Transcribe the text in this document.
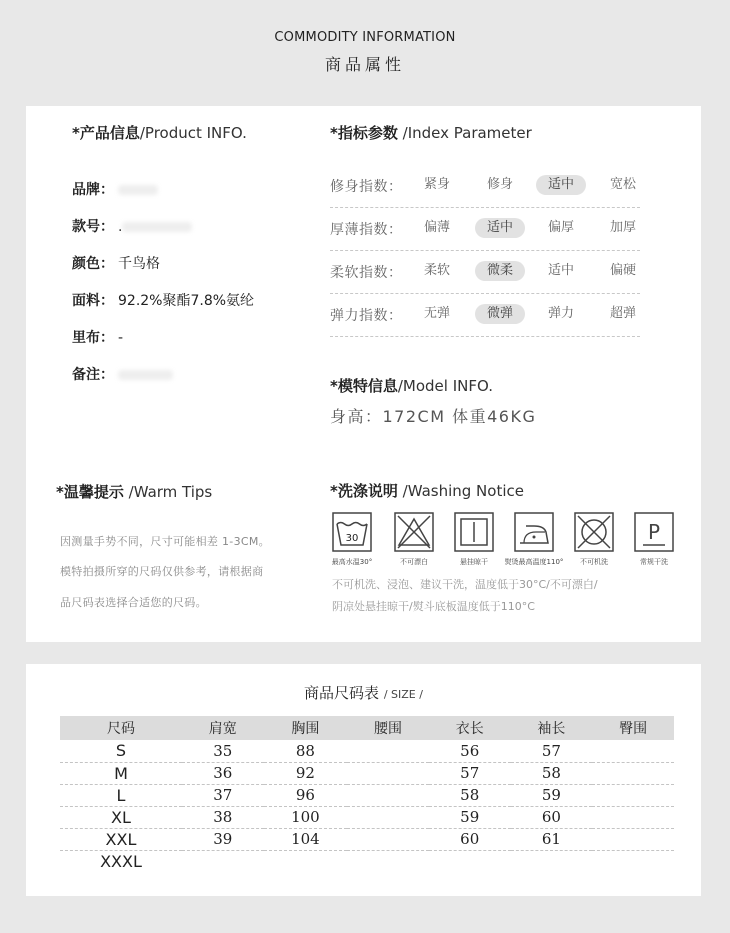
COMMODITY INFORMATION
商品属性
*产品信息/Product INFO.
品牌：
款号： .
颜色： 千鸟格
面料： 92.2%聚酯7.8%氨纶
里布： -
备注：
*指标参数 /Index Parameter
修身指数：	紧身	修身	适中	宽松
厚薄指数：	偏薄	适中	偏厚	加厚
柔软指数：	柔软	微柔	适中	偏硬
弹力指数：	无弹	微弹	弹力	超弹
*模特信息/Model INFO.
身高：172CM 体重46KG
*温馨提示 /Warm Tips
因测量手势不同，尺寸可能相差 1-3CM。
模特拍摄所穿的尺码仅供参考，请根据商
品尺码表选择合适您的尺码。
*洗涤说明 /Washing Notice
30
最高水温30°	不可漂白	悬挂晾干	熨烫最高温度110°	不可机洗
P
常规干洗
不可机洗、浸泡、建议干洗，温度低于30°C/不可漂白/
阴凉处悬挂晾干/熨斗底板温度低于110°C
商品尺码表 / SIZE /
尺码	肩宽	胸围	腰围	衣长	袖长	臀围
S	35	88		56	57	
M	36	92		57	58	
L	37	96		58	59	
XL	38	100		59	60	
XXL	39	104		60	61	
XXXL						
